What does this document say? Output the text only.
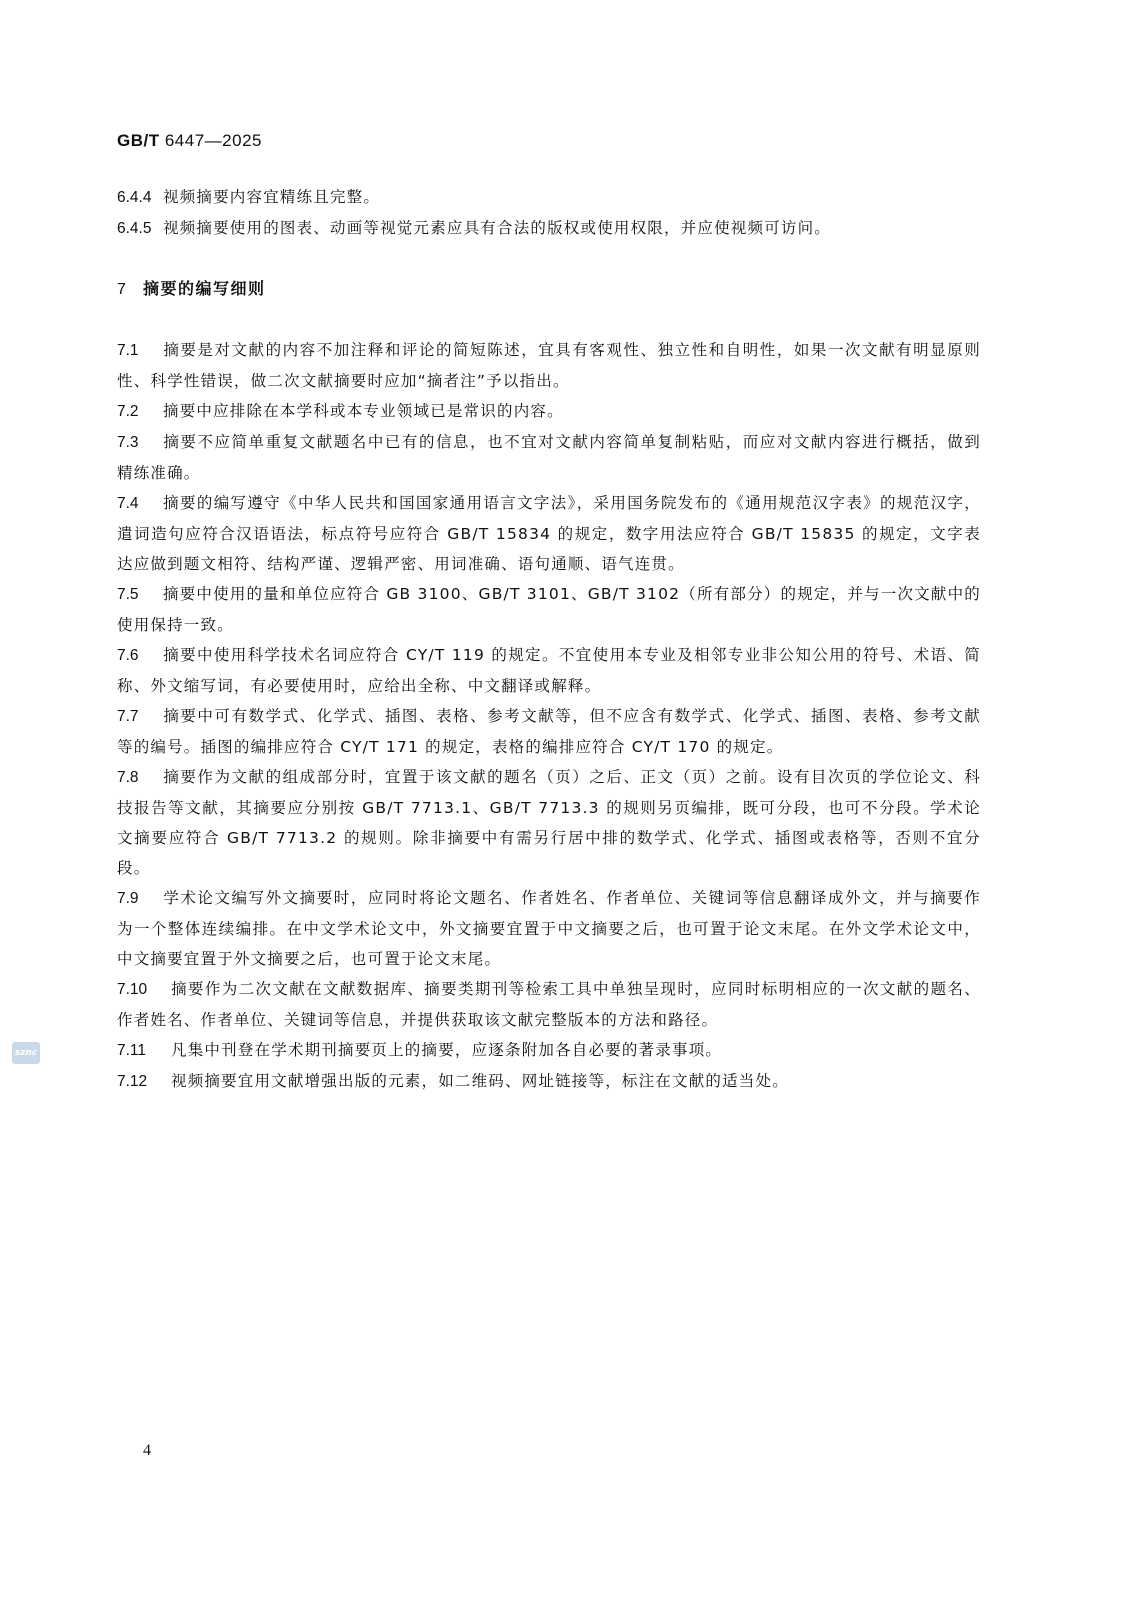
GB/T 6447—2025
6.4.4 视频摘要内容宜精练且完整。
6.4.5 视频摘要使用的图表、动画等视觉元素应具有合法的版权或使用权限，并应使视频可访问。
7 摘要的编写细则
7.1 摘要是对文献的内容不加注释和评论的简短陈述，宜具有客观性、独立性和自明性，如果一次文献有明显原则性、科学性错误，做二次文献摘要时应加“摘者注”予以指出。
7.2 摘要中应排除在本学科或本专业领域已是常识的内容。
7.3 摘要不应简单重复文献题名中已有的信息，也不宜对文献内容简单复制粘贴，而应对文献内容进行概括，做到精练准确。
7.4 摘要的编写遵守《中华人民共和国国家通用语言文字法》，采用国务院发布的《通用规范汉字表》的规范汉字，遣词造句应符合汉语语法，标点符号应符合 GB/T 15834 的规定，数字用法应符合 GB/T 15835 的规定，文字表达应做到题文相符、结构严谨、逻辑严密、用词准确、语句通顺、语气连贯。
7.5 摘要中使用的量和单位应符合 GB 3100、GB/T 3101、GB/T 3102（所有部分）的规定，并与一次文献中的使用保持一致。
7.6 摘要中使用科学技术名词应符合 CY/T 119 的规定。不宜使用本专业及相邻专业非公知公用的符号、术语、简称、外文缩写词，有必要使用时，应给出全称、中文翻译或解释。
7.7 摘要中可有数学式、化学式、插图、表格、参考文献等，但不应含有数学式、化学式、插图、表格、参考文献等的编号。插图的编排应符合 CY/T 171 的规定，表格的编排应符合 CY/T 170 的规定。
7.8 摘要作为文献的组成部分时，宜置于该文献的题名（页）之后、正文（页）之前。设有目次页的学位论文、科技报告等文献，其摘要应分别按 GB/T 7713.1、GB/T 7713.3 的规则另页编排，既可分段，也可不分段。学术论文摘要应符合 GB/T 7713.2 的规则。除非摘要中有需另行居中排的数学式、化学式、插图或表格等，否则不宜分段。
7.9 学术论文编写外文摘要时，应同时将论文题名、作者姓名、作者单位、关键词等信息翻译成外文，并与摘要作为一个整体连续编排。在中文学术论文中，外文摘要宜置于中文摘要之后，也可置于论文末尾。在外文学术论文中，中文摘要宜置于外文摘要之后，也可置于论文末尾。
7.10 摘要作为二次文献在文献数据库、摘要类期刊等检索工具中单独呈现时，应同时标明相应的一次文献的题名、作者姓名、作者单位、关键词等信息，并提供获取该文献完整版本的方法和路径。
7.11 凡集中刊登在学术期刊摘要页上的摘要，应逐条附加各自必要的著录事项。
7.12 视频摘要宜用文献增强出版的元素，如二维码、网址链接等，标注在文献的适当处。
sznc
4
